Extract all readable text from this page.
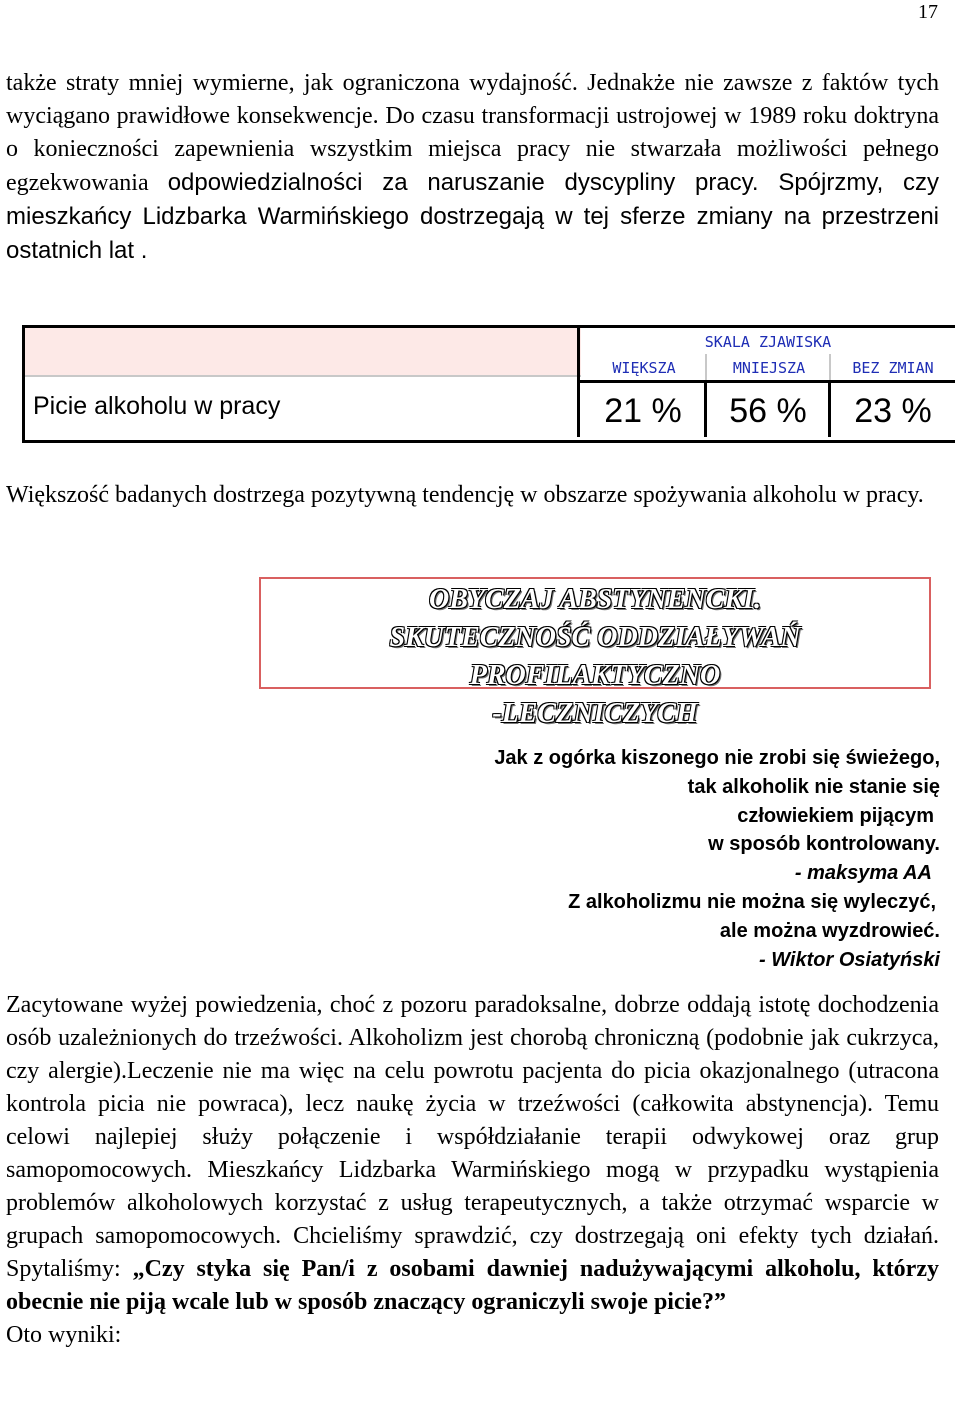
17

także straty mniej wymierne, jak ograniczona wydajność. Jednakże nie zawsze z faktów tych wyciągano prawidłowe konsekwencje. Do czasu transformacji ustrojowej w 1989 roku doktryna o konieczności zapewnienia wszystkim miejsca pracy nie stwarzała możliwości pełnego egzekwowania odpowiedzialności za naruszanie dyscypliny pracy. Spójrzmy, czy mieszkańcy Lidzbarka Warmińskiego dostrzegają w tej sferze zmiany na przestrzeni ostatnich lat .

SKALA ZJAWISKA
WIĘKSZA	MNIEJSZA	BEZ ZMIAN
Picie alkoholu w pracy	21 %	56 %	23 %

Większość badanych dostrzega pozytywną tendencję w obszarze spożywania alkoholu w pracy.

OBYCZAJ ABSTYNENCKI.
SKUTECZNOŚĆ ODDZIAŁYWAŃ PROFILAKTYCZNO
-LECZNICZYCH
Jak z ogórka kiszonego nie zrobi się świeżego,
tak alkoholik nie stanie się
człowiekiem pijącym
w sposób kontrolowany.
- maksyma AA
Z alkoholizmu nie można się wyleczyć,
ale można wyzdrowieć.
- Wiktor Osiatyński

Zacytowane wyżej powiedzenia, choć z pozoru paradoksalne, dobrze oddają istotę dochodzenia osób uzależnionych do trzeźwości. Alkoholizm jest chorobą chroniczną (podobnie jak cukrzyca, czy alergie).Leczenie nie ma więc na celu powrotu pacjenta do picia okazjonalnego (utracona kontrola picia nie powraca), lecz naukę życia w trzeźwości (całkowita abstynencja). Temu celowi najlepiej służy połączenie i współdziałanie terapii odwykowej oraz grup samopomocowych. Mieszkańcy Lidzbarka Warmińskiego mogą w przypadku wystąpienia problemów alkoholowych korzystać z usług terapeutycznych, a także otrzymać wsparcie w grupach samopomocowych. Chcieliśmy sprawdzić, czy dostrzegają oni efekty tych działań. Spytaliśmy: „Czy styka się Pan/i z osobami dawniej nadużywającymi alkoholu, którzy obecnie nie piją wcale lub w sposób znaczący ograniczyli swoje picie?”
Oto wyniki:
